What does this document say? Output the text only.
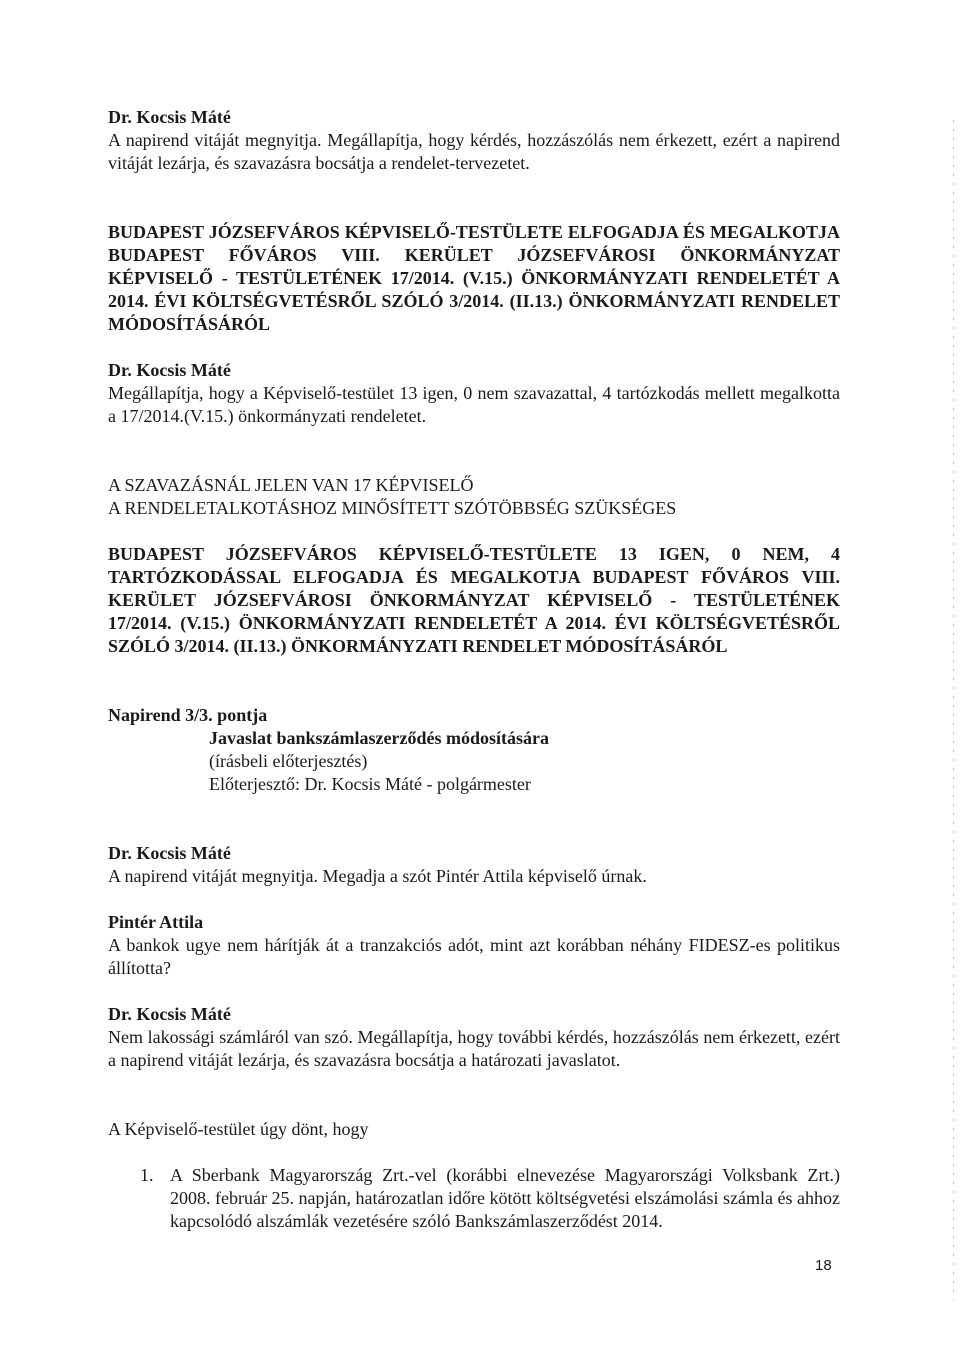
Dr. Kocsis Máté

A napirend vitáját megnyitja. Megállapítja, hogy kérdés, hozzászólás nem érkezett, ezért a napirend vitáját lezárja, és szavazásra bocsátja a rendelet-tervezetet.

BUDAPEST JÓZSEFVÁROS KÉPVISELŐ-TESTÜLETE ELFOGADJA ÉS MEGALKOTJA BUDAPEST FŐVÁROS VIII. KERÜLET JÓZSEFVÁROSI ÖNKORMÁNYZAT KÉPVISELŐ - TESTÜLETÉNEK 17/2014. (V.15.) ÖNKORMÁNYZATI RENDELETÉT A 2014. ÉVI KÖLTSÉGVETÉSRŐL SZÓLÓ 3/2014. (II.13.) ÖNKORMÁNYZATI RENDELET MÓDOSÍTÁSÁRÓL

Dr. Kocsis Máté

Megállapítja, hogy a Képviselő-testület 13 igen, 0 nem szavazattal, 4 tartózkodás mellett megalkotta a 17/2014.(V.15.) önkormányzati rendeletet.

A SZAVAZÁSNÁL JELEN VAN 17 KÉPVISELŐ

A RENDELETALKOTÁSHOZ MINŐSÍTETT SZÓTÖBBSÉG SZÜKSÉGES

BUDAPEST JÓZSEFVÁROS KÉPVISELŐ-TESTÜLETE 13 IGEN, 0 NEM, 4 TARTÓZKODÁSSAL ELFOGADJA ÉS MEGALKOTJA BUDAPEST FŐVÁROS VIII. KERÜLET JÓZSEFVÁROSI ÖNKORMÁNYZAT KÉPVISELŐ - TESTÜLETÉNEK 17/2014. (V.15.) ÖNKORMÁNYZATI RENDELETÉT A 2014. ÉVI KÖLTSÉGVETÉSRŐL SZÓLÓ 3/2014. (II.13.) ÖNKORMÁNYZATI RENDELET MÓDOSÍTÁSÁRÓL

Napirend 3/3. pontja

Javaslat bankszámlaszerződés módosítására

(írásbeli előterjesztés)

Előterjesztő: Dr. Kocsis Máté - polgármester

Dr. Kocsis Máté

A napirend vitáját megnyitja. Megadja a szót Pintér Attila képviselő úrnak.

Pintér Attila

A bankok ugye nem hárítják át a tranzakciós adót, mint azt korábban néhány FIDESZ-es politikus állította?

Dr. Kocsis Máté

Nem lakossági számláról van szó. Megállapítja, hogy további kérdés, hozzászólás nem érkezett, ezért a napirend vitáját lezárja, és szavazásra bocsátja a határozati javaslatot.

A Képviselő-testület úgy dönt, hogy

1. A Sberbank Magyarország Zrt.-vel (korábbi elnevezése Magyarországi Volksbank Zrt.) 2008. február 25. napján, határozatlan időre kötött költségvetési elszámolási számla és ahhoz kapcsolódó alszámlák vezetésére szóló Bankszámlaszerződést 2014.
18
